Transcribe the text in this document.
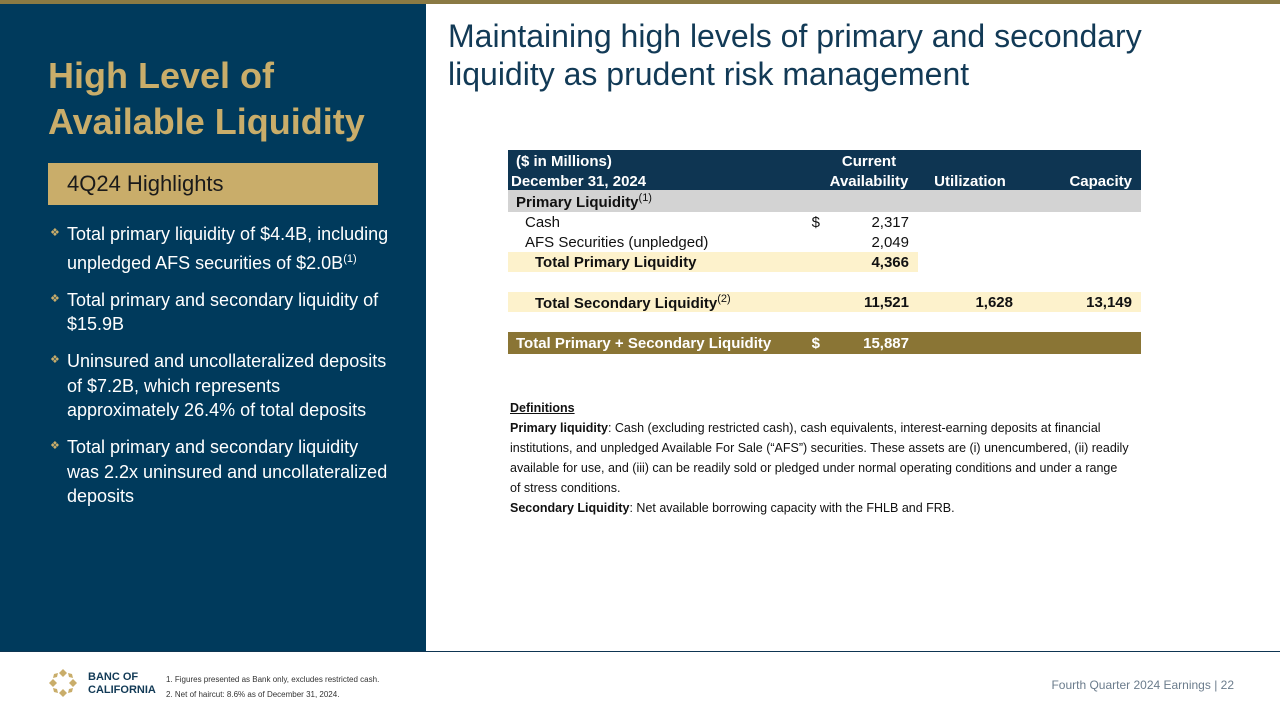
High Level of Available Liquidity
4Q24 Highlights
❖ Total primary liquidity of $4.4B, including unpledged AFS securities of $\$2.0B^{(1)}$
❖ Total primary and secondary liquidity of $15.9B
❖ Uninsured and uncollateralized deposits of $7.2B, which represents approximately 26.4% of total deposits
❖ Total primary and secondary liquidity was 2.2x uninsured and uncollateralized deposits
Maintaining high levels of primary and secondary liquidity as prudent risk management
($ in Millions)		Current		
December 31, 2024		Availability	Utilization	Capacity
Primary Liquidity$^{(1)}$
Cash	$	2,317		
AFS Securities (unpledged)		2,049		
Total Primary Liquidity		4,366		

Total Secondary Liquidity$^{(2)}$		11,521	1,628	13,149

Total Primary + Secondary Liquidity	$	15,887		

Definitions

Primary liquidity: Cash (excluding restricted cash), cash equivalents, interest-earning deposits at financial institutions, and unpledged Available For Sale (“AFS”) securities. These assets are (i) unencumbered, (ii) readily available for use, and (iii) can be readily sold or pledged under normal operating conditions and under a range of stress conditions.

Secondary Liquidity: Net available borrowing capacity with the FHLB and FRB.

BANC OF
CALIFORNIA
1. Figures presented as Bank only, excludes restricted cash.
2. Net of haircut: 8.6% as of December 31, 2024.
Fourth Quarter 2024 Earnings | 22
